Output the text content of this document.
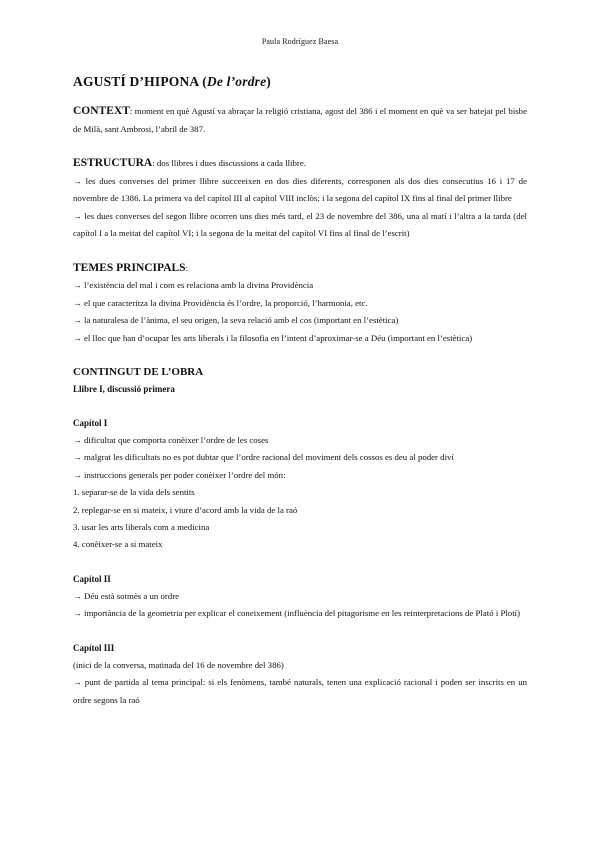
Paula Rodríguez Baesa
AGUSTÍ D’HIPONA (De l’ordre)

CONTEXT: moment en què Agustí va abraçar la religió cristiana, agost del 386 i el moment en què va ser batejat pel bisbe de Milà, sant Ambrosi, l’abril de 387.

ESTRUCTURA: dos llibres i dues discussions a cada llibre.

→ les dues converses del primer llibre succeeixen en dos dies diferents, corresponen als dos dies consecutius 16 i 17 de novembre de 1386. La primera va del capítol III al capítol VIII inclòs; i la segona del capítol IX fins al final del primer llibre

→ les dues converses del segon llibre ocorren uns dies més tard, el 23 de novembre del 386, una al matí i l’altra a la tarda (del capítol I a la meitat del capítol VI; i la segona de la meitat del capítol VI fins al final de l’escrit)

TEMES PRINCIPALS:

→ l’existència del mal i com es relaciona amb la divina Providència

→ el que caracteritza la divina Providència és l’ordre, la proporció, l’harmonia, etc.

→ la naturalesa de l’ànima, el seu origen, la seva relació amb el cos (important en l’estètica)

→ el lloc que han d’ocupar les arts liberals i la filosofia en l’intent d’aproximar-se a Déu (important en l’estètica)

CONTINGUT DE L’OBRA

Llibre I, discussió primera

Capítol I

→ dificultat que comporta conèixer l’ordre de les coses

→ malgrat les dificultats no es pot dubtar que l’ordre racional del moviment dels cossos es deu al poder diví

→ instruccions generals per poder conèixer l’ordre del món:

1. separar-se de la vida dels sentits

2. replegar-se en si mateix, i viure d’acord amb la vida de la raó

3. usar les arts liberals com a medicina

4. conèixer-se a si mateix

Capítol II

→ Déu està sotmès a un ordre

→ importància de la geometria per explicar el coneixement (influència del pitagorisme en les reinterpretacions de Plató i Plotí)

Capítol III

(inici de la conversa, matinada del 16 de novembre del 386)

→ punt de partida al tema principal: si els fenòmens, també naturals, tenen una explicació racional i poden ser inscrits en un ordre segons la raó
